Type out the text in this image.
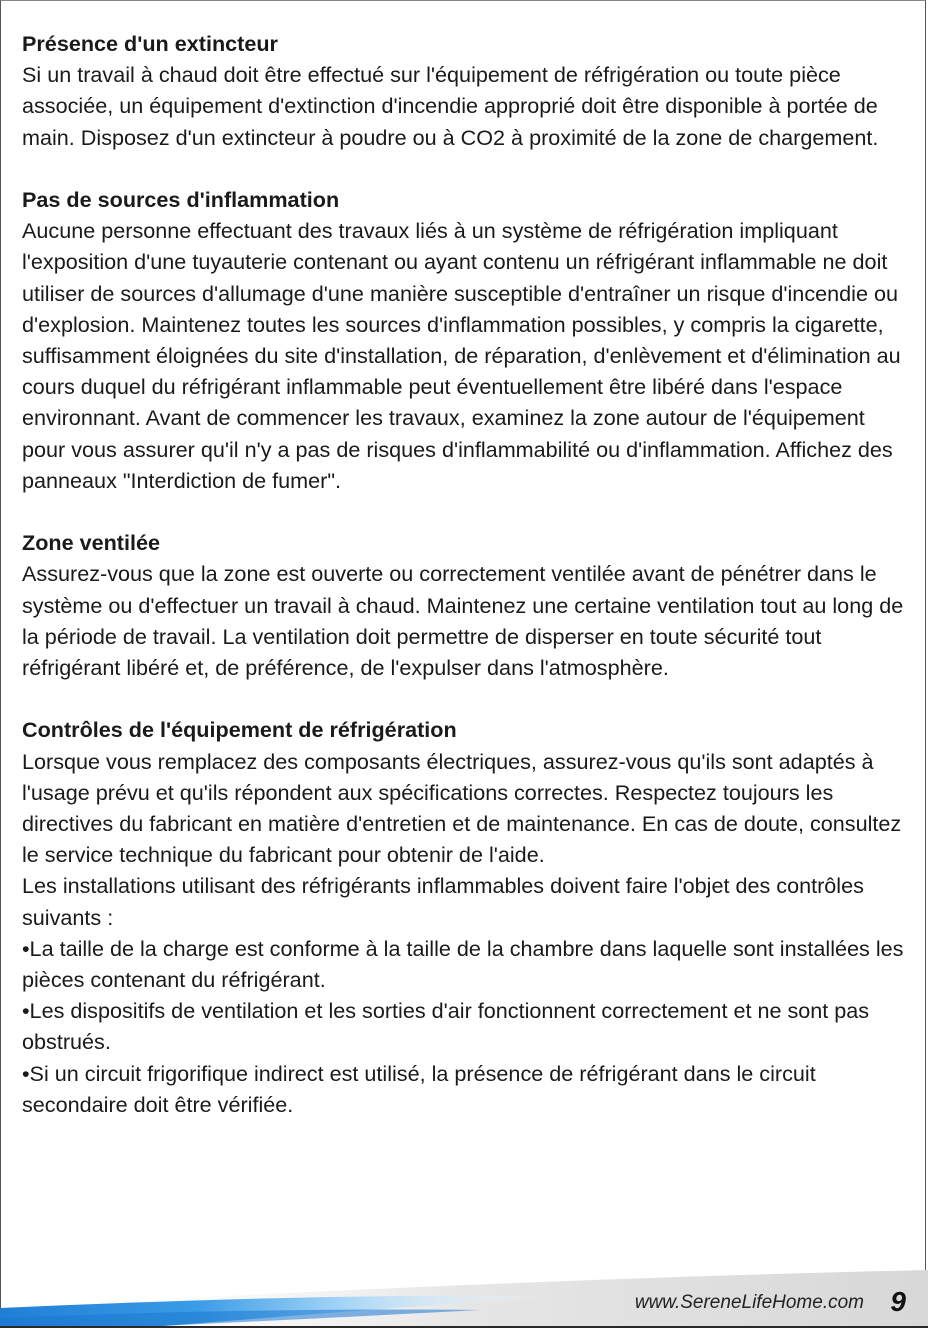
Présence d'un extincteur

Si un travail à chaud doit être effectué sur l'équipement de réfrigération ou toute pièce associée, un équipement d'extinction d'incendie approprié doit être disponible à portée de main. Disposez d'un extincteur à poudre ou à CO2 à proximité de la zone de chargement.

Pas de sources d'inflammation

Aucune personne effectuant des travaux liés à un système de réfrigération impliquant l'exposition d'une tuyauterie contenant ou ayant contenu un réfrigérant inflammable ne doit utiliser de sources d'allumage d'une manière susceptible d'entraîner un risque d'incendie ou d'explosion. Maintenez toutes les sources d'inflammation possibles, y compris la cigarette, suffisamment éloignées du site d'installation, de réparation, d'enlèvement et d'élimination au cours duquel du réfrigérant inflammable peut éventuellement être libéré dans l'espace environnant. Avant de commencer les travaux, examinez la zone autour de l'équipement pour vous assurer qu'il n'y a pas de risques d'inflammabilité ou d'inflammation. Affichez des panneaux "Interdiction de fumer".

Zone ventilée

Assurez-vous que la zone est ouverte ou correctement ventilée avant de pénétrer dans le système ou d'effectuer un travail à chaud. Maintenez une certaine ventilation tout au long de la période de travail. La ventilation doit permettre de disperser en toute sécurité tout réfrigérant libéré et, de préférence, de l'expulser dans l'atmosphère.

Contrôles de l'équipement de réfrigération

Lorsque vous remplacez des composants électriques, assurez-vous qu'ils sont adaptés à l'usage prévu et qu'ils répondent aux spécifications correctes. Respectez toujours les directives du fabricant en matière d'entretien et de maintenance. En cas de doute, consultez le service technique du fabricant pour obtenir de l'aide.

Les installations utilisant des réfrigérants inflammables doivent faire l'objet des contrôles suivants :

•La taille de la charge est conforme à la taille de la chambre dans laquelle sont installées les pièces contenant du réfrigérant.

•Les dispositifs de ventilation et les sorties d'air fonctionnent correctement et ne sont pas obstrués.

•Si un circuit frigorifique indirect est utilisé, la présence de réfrigérant dans le circuit secondaire doit être vérifiée.

www.SereneLifeHome.com 9
